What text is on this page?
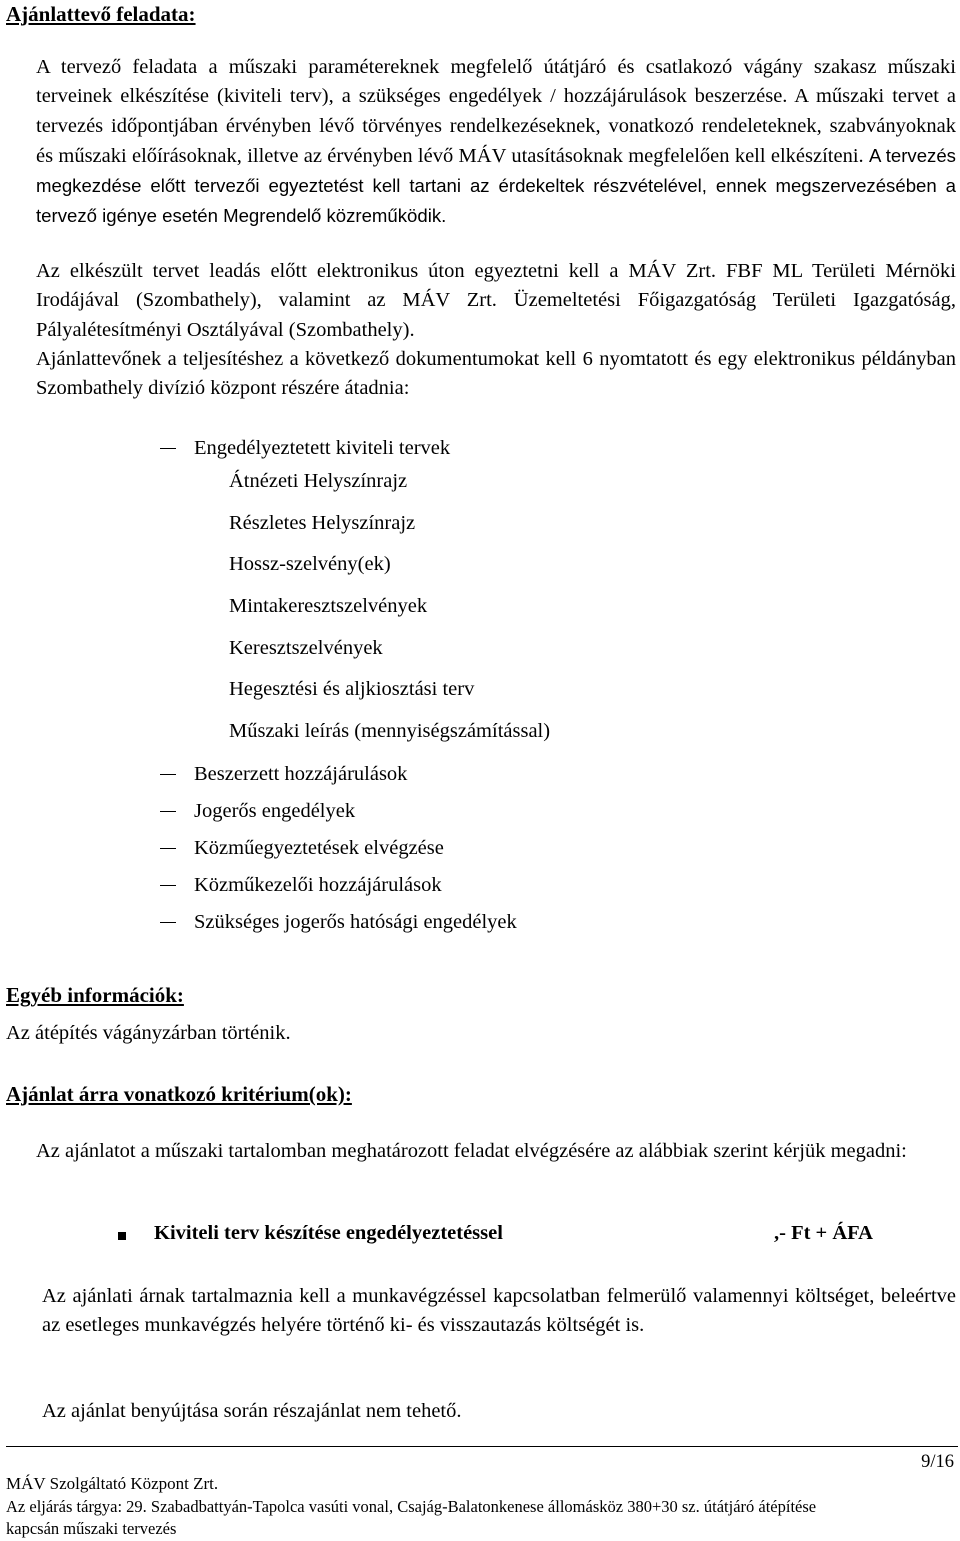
Ajánlattevő feladata:

A tervező feladata a műszaki paramétereknek megfelelő útátjáró és csatlakozó vágány szakasz műszaki terveinek elkészítése (kiviteli terv), a szükséges engedélyek / hozzájárulások beszerzése. A műszaki tervet a tervezés időpontjában érvényben lévő törvényes rendelkezéseknek, vonatkozó rendeleteknek, szabványoknak és műszaki előírásoknak, illetve az érvényben lévő MÁV utasításoknak megfelelően kell elkészíteni. A tervezés megkezdése előtt tervezői egyeztetést kell tartani az érdekeltek részvételével, ennek megszervezésében a tervező igénye esetén Megrendelő közreműködik.

Az elkészült tervet leadás előtt elektronikus úton egyeztetni kell a MÁV Zrt. FBF ML Területi Mérnöki Irodájával (Szombathely), valamint az MÁV Zrt. Üzemeltetési Főigazgatóság Területi Igazgatóság, Pályalétesítményi Osztályával (Szombathely).

Ajánlattevőnek a teljesítéshez a következő dokumentumokat kell 6 nyomtatott és egy elektronikus példányban Szombathely divízió központ részére átadnia:

Engedélyeztetett kiviteli tervek
Átnézeti Helyszínrajz
Részletes Helyszínrajz
Hossz-szelvény(ek)
Mintakeresztszelvények
Keresztszelvények
Hegesztési és aljkiosztási terv
Műszaki leírás (mennyiségszámítással)
Beszerzett hozzájárulások
Jogerős engedélyek
Közműegyeztetések elvégzése
Közműkezelői hozzájárulások
Szükséges jogerős hatósági engedélyek
Egyéb információk:

Az átépítés vágányzárban történik.

Ajánlat árra vonatkozó kritérium(ok):

Az ajánlatot a műszaki tartalomban meghatározott feladat elvégzésére az alábbiak szerint kérjük megadni:

Kiviteli terv készítése engedélyeztetéssel	,- Ft + ÁFA

Az ajánlati árnak tartalmaznia kell a munkavégzéssel kapcsolatban felmerülő valamennyi költséget, beleértve az esetleges munkavégzés helyére történő ki- és visszautazás költségét is.

Az ajánlat benyújtása során részajánlat nem tehető.

9/16
MÁV Szolgáltató Központ Zrt.
Az eljárás tárgya: 29. Szabadbattyán-Tapolca vasúti vonal, Csajág-Balatonkenese állomásköz 380+30 sz. útátjáró átépítése
kapcsán műszaki tervezés
